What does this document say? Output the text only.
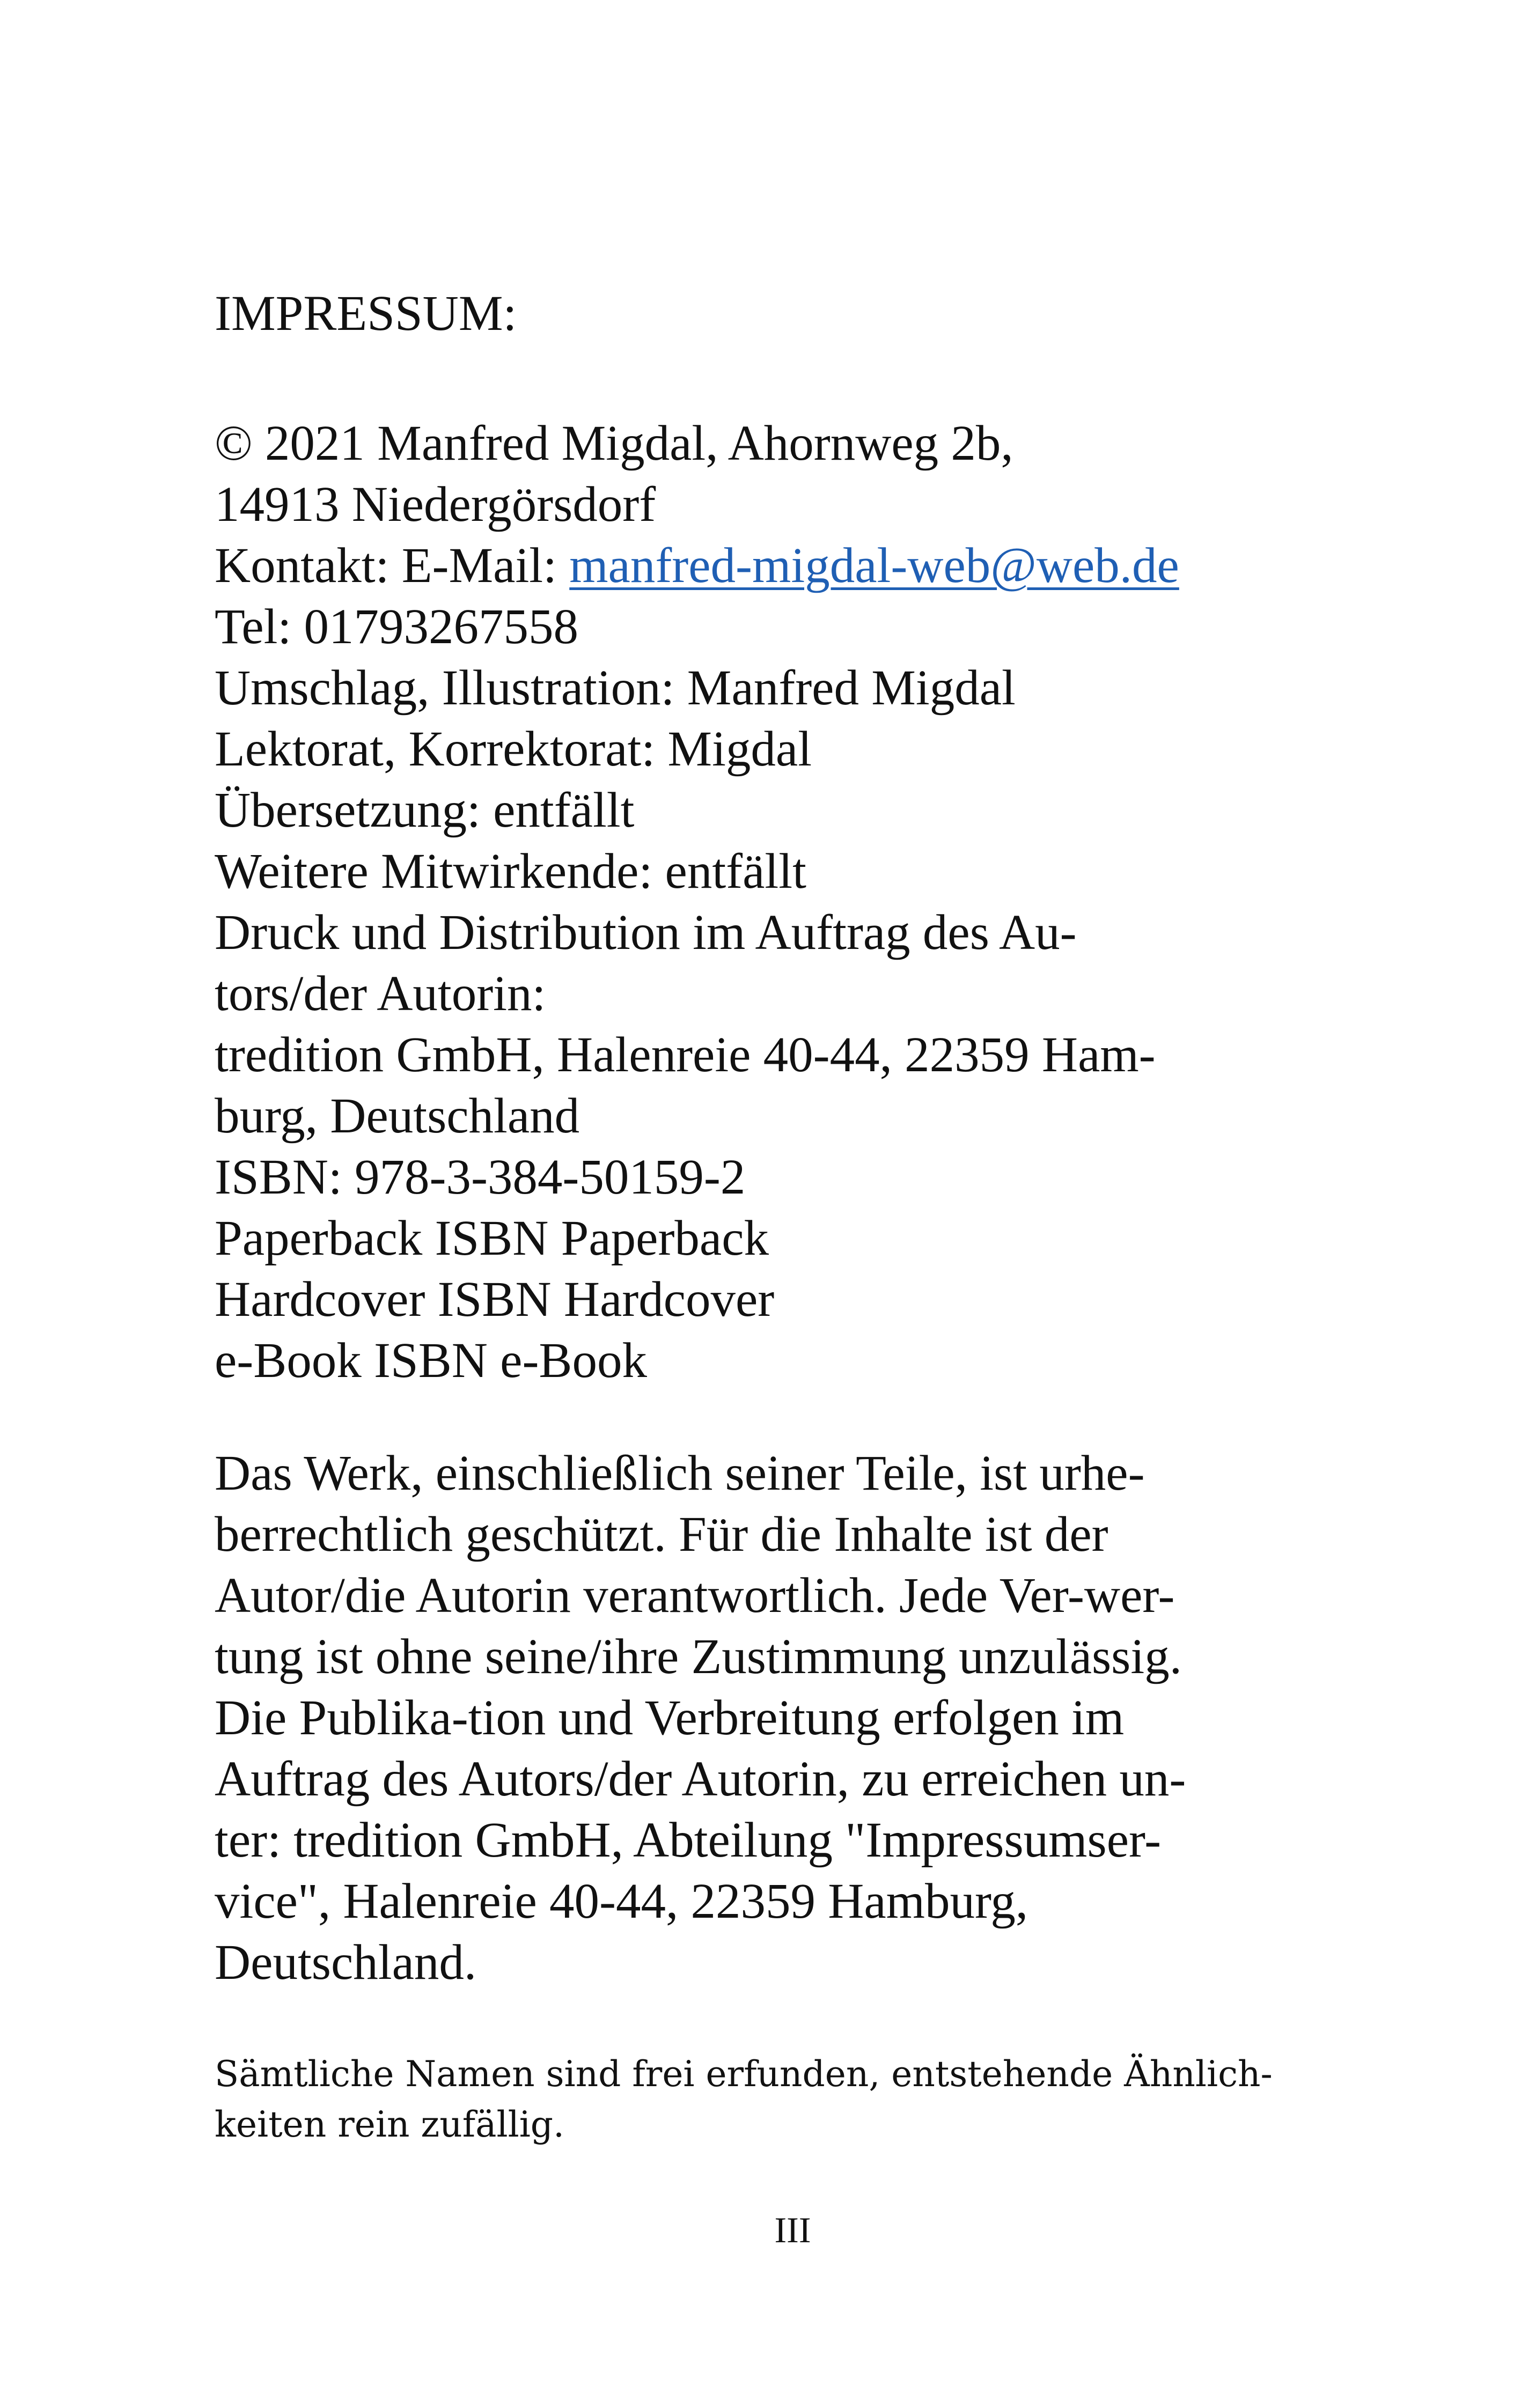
IMPRESSUM:
© 2021 Manfred Migdal, Ahornweg 2b,
14913 Niedergörsdorf
Kontakt: E-Mail: manfred-migdal-web@web.de
Tel: 01793267558
Umschlag, Illustration: Manfred Migdal
Lektorat, Korrektorat: Migdal
Übersetzung: entfällt
Weitere Mitwirkende: entfällt
Druck und Distribution im Auftrag des Au-
tors/der Autorin:
tredition GmbH, Halenreie 40-44, 22359 Ham-
burg, Deutschland
ISBN: 978-3-384-50159-2
Paperback ISBN Paperback
Hardcover ISBN Hardcover
e-Book ISBN e-Book
Das Werk, einschließlich seiner Teile, ist urhe-
berrechtlich geschützt. Für die Inhalte ist der
Autor/die Autorin verantwortlich. Jede Ver-wer-
tung ist ohne seine/ihre Zustimmung unzulässig.
Die Publika-tion und Verbreitung erfolgen im
Auftrag des Autors/der Autorin, zu erreichen un-
ter: tredition GmbH, Abteilung "Impressumser-
vice", Halenreie 40-44, 22359 Hamburg,
Deutschland.
Sämtliche Namen sind frei erfunden, entstehende Ähnlich-
keiten rein zufällig.
III
